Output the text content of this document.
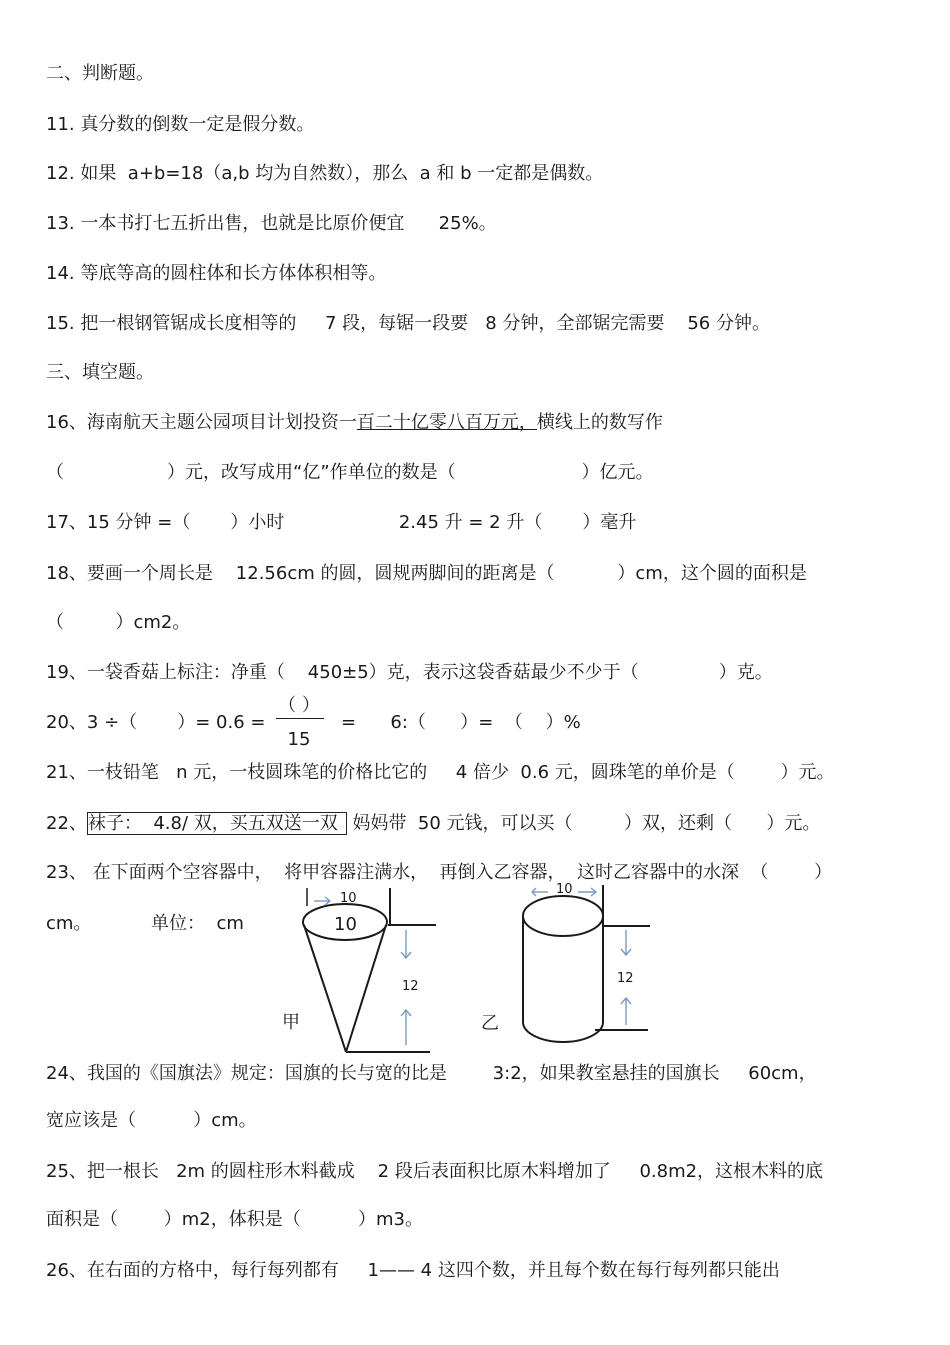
二、判断题。
11. 真分数的倒数一定是假分数。
12. 如果  a+b=18（a,b 均为自然数），那么  a 和 b 一定都是偶数。
13. 一本书打七五折出售，也就是比原价便宜      25%。
14. 等底等高的圆柱体和长方体体积相等。
15. 把一根钢管锯成长度相等的     7 段，每锯一段要   8 分钟，全部锯完需要    56 分钟。
三、填空题。
16、海南航天主题公园项目计划投资一百二十亿零八百万元，横线上的数写作
（                  ）元，改写成用“亿”作单位的数是（                      ）亿元。
17、15 分钟 =（       ）小时                    2.45 升 = 2 升（       ）毫升
18、要画一个周长是    12.56cm 的圆，圆规两脚间的距离是（           ）cm，这个圆的面积是
（         ）cm2。
19、一袋香菇上标注：净重（    450±5）克，表示这袋香菇最少不少于（              ）克。
20、3 ÷（       ）= 0.6 =
（ ）
15
=      6:（      ）=  （    ）%
21、一枝铅笔   n 元，一枝圆珠笔的价格比它的     4 倍少  0.6 元，圆珠笔的单价是（        ）元。
22、袜子：  4.8/ 双，买五双送一双 妈妈带  50 元钱，可以买（         ）双，还剩（      ）元。
23、 在下面两个空容器中，  将甲容器注满水，  再倒入乙容器，  这时乙容器中的水深  （        ）
cm。	单位：  cm
10
10
12
甲
10
12
乙
24、我国的《国旗法》规定：国旗的长与宽的比是        3:2，如果教室悬挂的国旗长     60cm，
宽应该是（          ）cm。
25、把一根长   2m 的圆柱形木料截成    2 段后表面积比原木料增加了     0.8m2，这根木料的底
面积是（        ）m2，体积是（          ）m3。
26、在右面的方格中，每行每列都有     1—— 4 这四个数，并且每个数在每行每列都只能出
